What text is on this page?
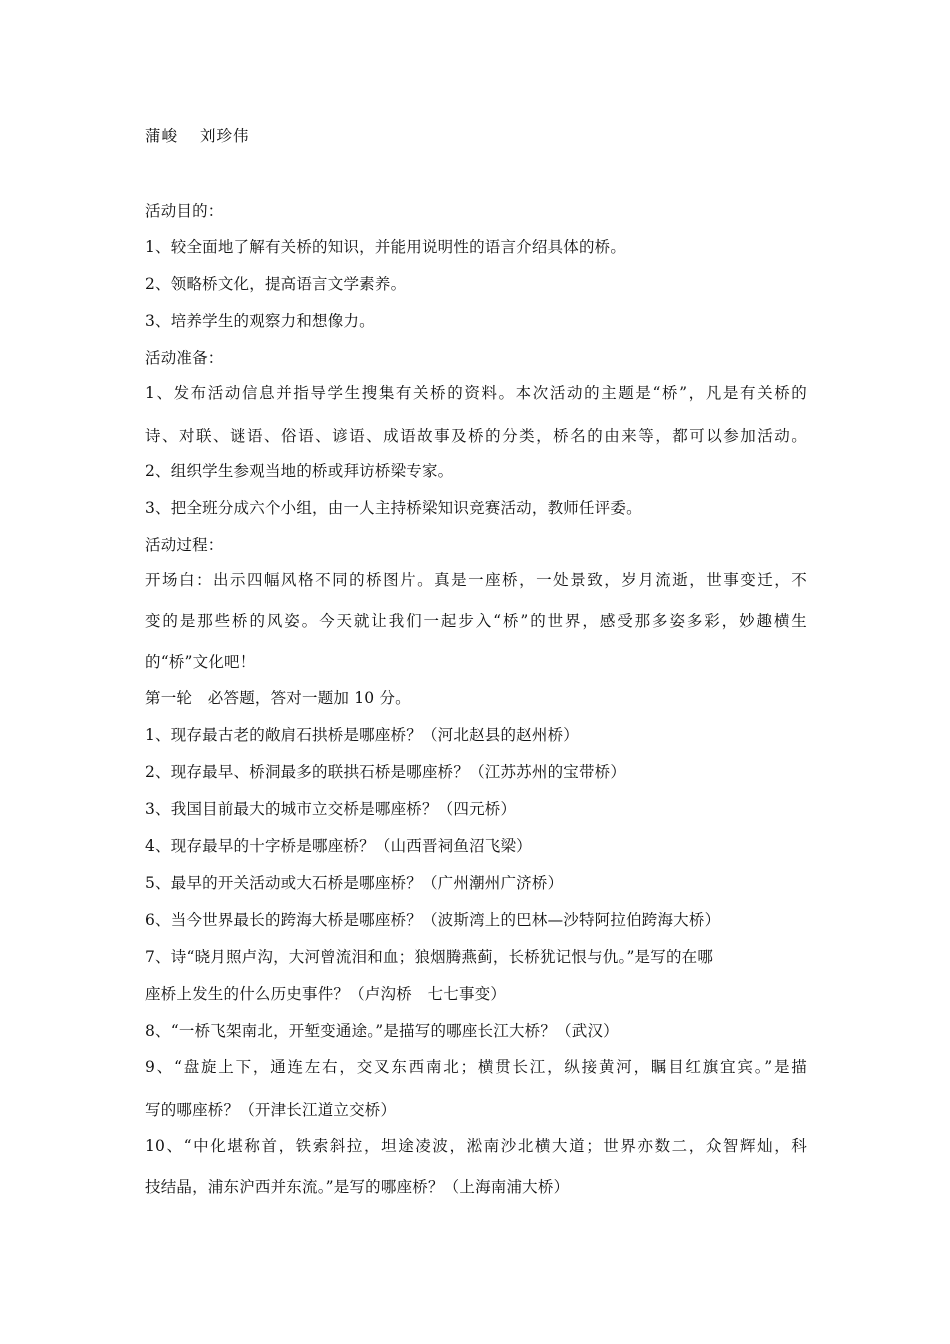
蒲峻 刘珍伟
活动目的：
1、较全面地了解有关桥的知识，并能用说明性的语言介绍具体的桥。
2、领略桥文化，提高语言文学素养。
3、培养学生的观察力和想像力。
活动准备：
1、发布活动信息并指导学生搜集有关桥的资料。本次活动的主题是“桥”，凡是有关桥的
诗、对联、谜语、俗语、谚语、成语故事及桥的分类，桥名的由来等，都可以参加活动。
2、组织学生参观当地的桥或拜访桥梁专家。
3、把全班分成六个小组，由一人主持桥梁知识竞赛活动，教师任评委。
活动过程：
开场白：出示四幅风格不同的桥图片。真是一座桥，一处景致，岁月流逝，世事变迁，不
变的是那些桥的风姿。今天就让我们一起步入“桥”的世界，感受那多姿多彩，妙趣横生
的“桥”文化吧！
第一轮　必答题，答对一题加 10 分。
1、现存最古老的敞肩石拱桥是哪座桥？（河北赵县的赵州桥）
2、现存最早、桥洞最多的联拱石桥是哪座桥？（江苏苏州的宝带桥）
3、我国目前最大的城市立交桥是哪座桥？（四元桥）
4、现存最早的十字桥是哪座桥？（山西晋祠鱼沼飞梁）
5、最早的开关活动或大石桥是哪座桥？（广州潮州广济桥）
6、当今世界最长的跨海大桥是哪座桥？（波斯湾上的巴林—沙特阿拉伯跨海大桥）
7、诗“晓月照卢沟，大河曾流泪和血；狼烟腾燕蓟，长桥犹记恨与仇。”是写的在哪
座桥上发生的什么历史事件？（卢沟桥　七七事变）
8、“一桥飞架南北，开堑变通途。”是描写的哪座长江大桥？（武汉）
9、“盘旋上下，通连左右，交叉东西南北；横贯长江，纵接黄河，瞩目红旗宜宾。”是描
写的哪座桥？（开津长江道立交桥）
10、“中化堪称首，铁索斜拉，坦途凌波，淞南沙北横大道；世界亦数二，众智辉灿，科
技结晶，浦东沪西并东流。”是写的哪座桥？（上海南浦大桥）
